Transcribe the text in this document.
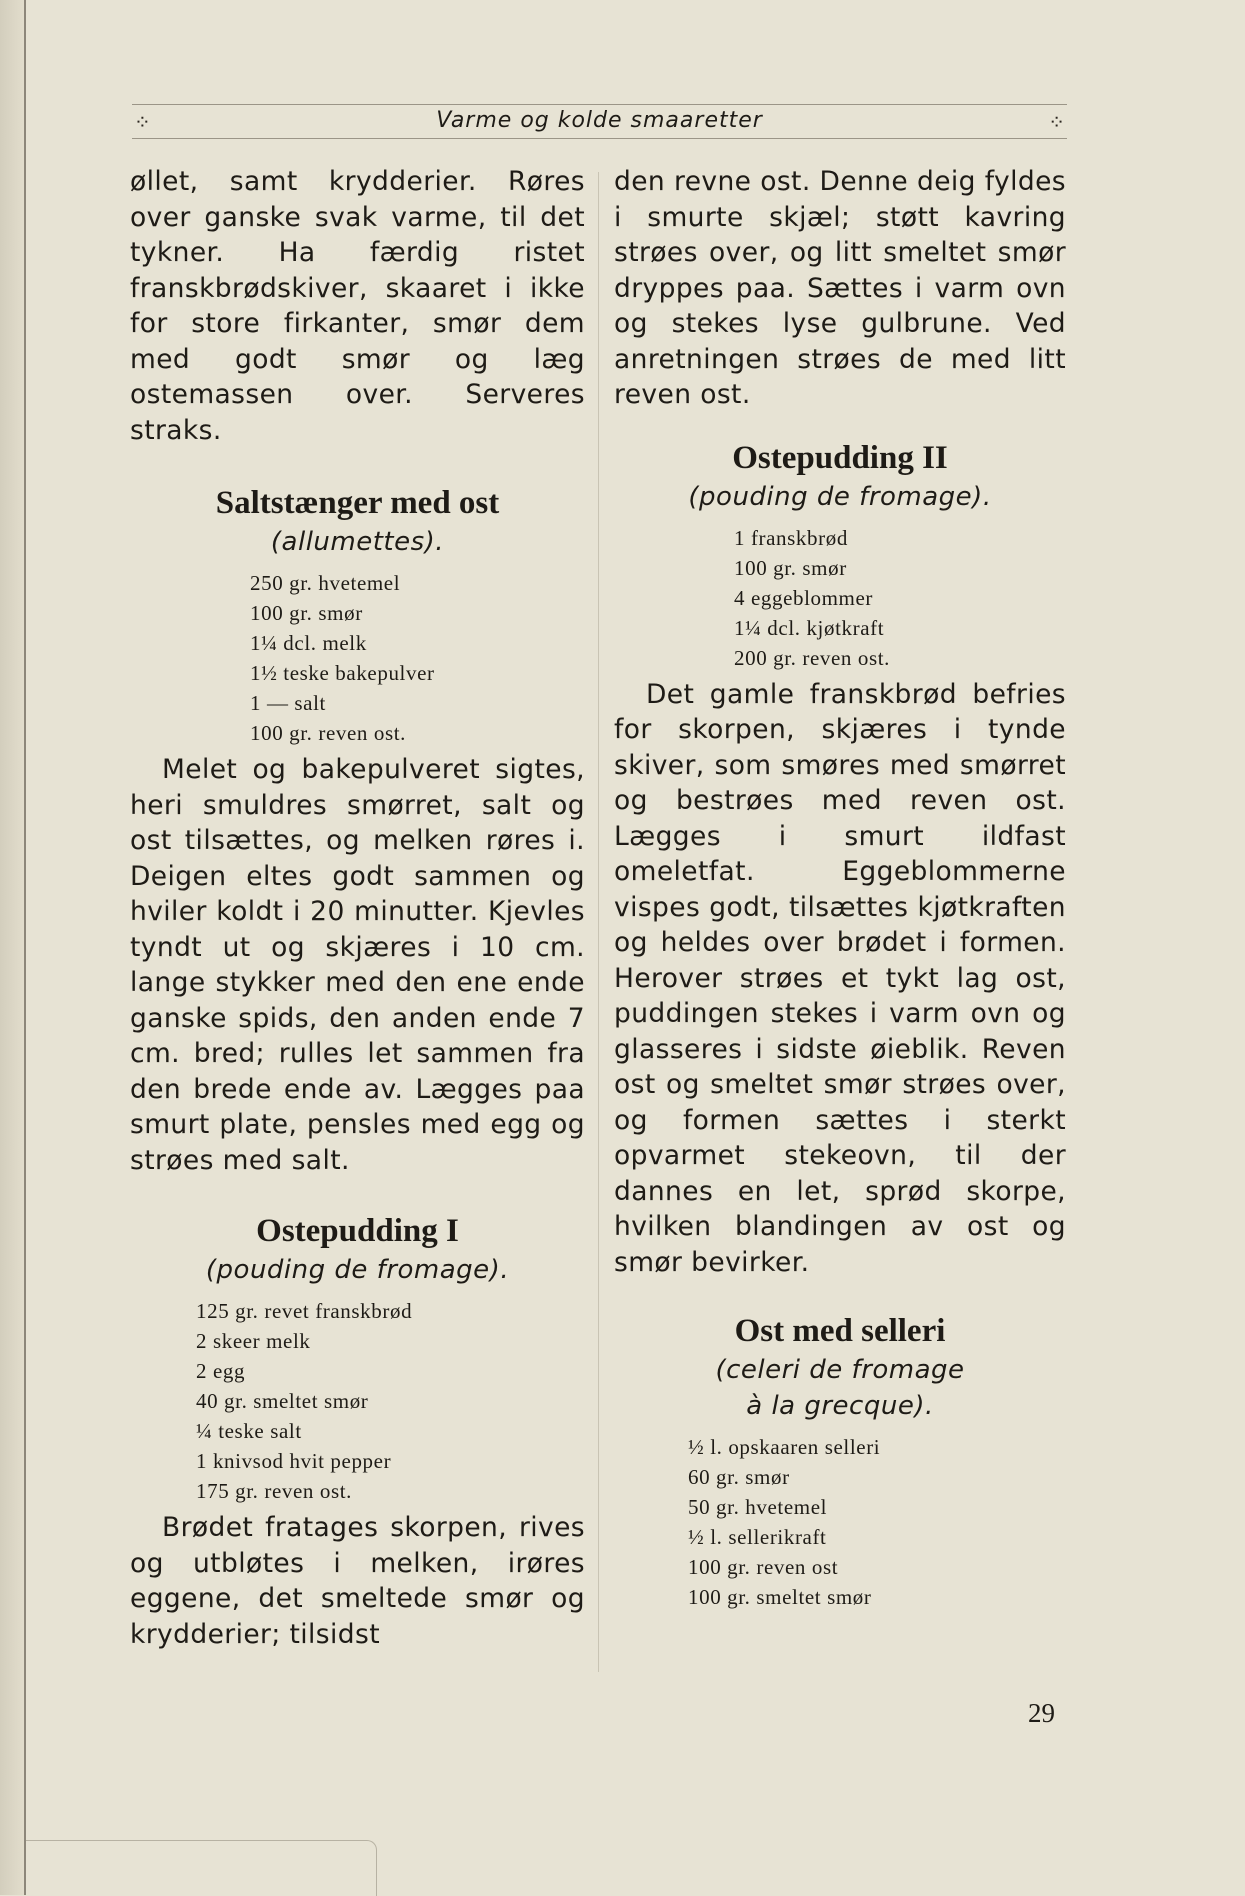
⁘	Varme og kolde smaaretter	⁘

øllet, samt krydderier. Røres over ganske svak varme, til det tykner. Ha færdig ristet franskbrødskiver, skaaret i ikke for store firkanter, smør dem med godt smør og læg ostemassen over. Serveres straks.

Saltstænger med ost

(allumettes).

250 gr. hvetemel
100 gr. smør
1¼ dcl. melk
1½ teske bakepulver
1 — salt
100 gr. reven ost.

Melet og bakepulveret sigtes, heri smuldres smørret, salt og ost tilsættes, og melken røres i. Deigen eltes godt sammen og hviler koldt i 20 minutter. Kjevles tyndt ut og skjæres i 10 cm. lange stykker med den ene ende ganske spids, den anden ende 7 cm. bred; rulles let sammen fra den brede ende av. Lægges paa smurt plate, pensles med egg og strøes med salt.

Ostepudding I

(pouding de fromage).

125 gr. revet franskbrød
2 skeer melk
2 egg
40 gr. smeltet smør
¼ teske salt
1 knivsod hvit pepper
175 gr. reven ost.

Brødet fratages skorpen, rives og utbløtes i melken, irøres eggene, det smeltede smør og krydderier; tilsidst

den revne ost. Denne deig fyldes i smurte skjæl; støtt kavring strøes over, og litt smeltet smør dryppes paa. Sættes i varm ovn og stekes lyse gulbrune. Ved anretningen strøes de med litt reven ost.

Ostepudding II

(pouding de fromage).

1 franskbrød
100 gr. smør
4 eggeblommer
1¼ dcl. kjøtkraft
200 gr. reven ost.

Det gamle franskbrød befries for skorpen, skjæres i tynde skiver, som smøres med smørret og bestrøes med reven ost. Lægges i smurt ildfast omeletfat. Eggeblommerne vispes godt, tilsættes kjøtkraften og heldes over brødet i formen. Herover strøes et tykt lag ost, puddingen stekes i varm ovn og glasseres i sidste øieblik. Reven ost og smeltet smør strøes over, og formen sættes i sterkt opvarmet stekeovn, til der dannes en let, sprød skorpe, hvilken blandingen av ost og smør bevirker.

Ost med selleri

(celeri de fromage

à la grecque).

½ l. opskaaren selleri
60 gr. smør
50 gr. hvetemel
½ l. sellerikraft
100 gr. reven ost
100 gr. smeltet smør
29
